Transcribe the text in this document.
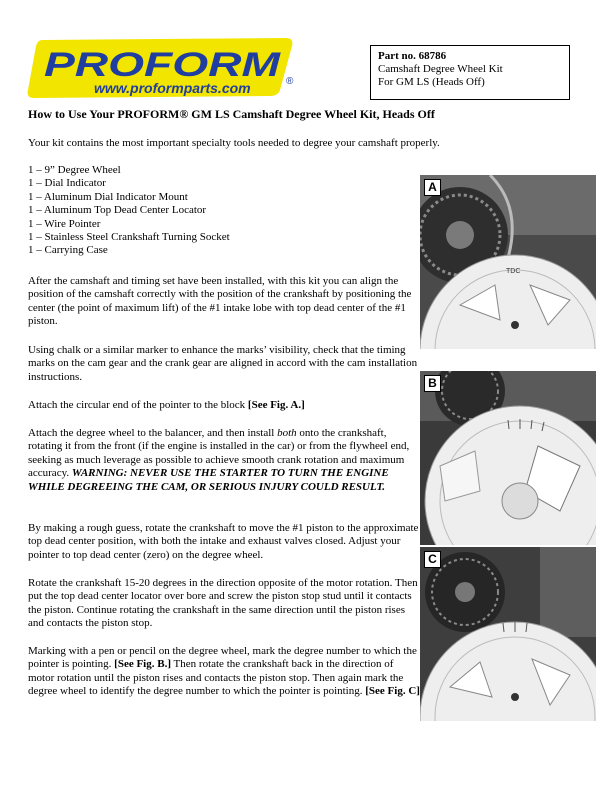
PROFORM
www.proformparts.com	®
Part no. 68786
Camshaft Degree Wheel Kit
For GM LS (Heads Off)
How to Use Your PROFORM® GM LS Camshaft Degree Wheel Kit, Heads Off
Your kit contains the most important specialty tools needed to degree your camshaft properly.
1 – 9” Degree Wheel
1 – Dial Indicator
1 – Aluminum Dial Indicator Mount
1 – Aluminum Top Dead Center Locator
1 – Wire Pointer
1 – Stainless Steel Crankshaft Turning Socket
1 – Carrying Case
After the camshaft and timing set have been installed, with this kit you can align the position of the camshaft correctly with the position of the crankshaft by positioning the center (the point of maximum lift) of the #1 intake lobe with top dead center of the #1 piston.
Using chalk or a similar marker to enhance the marks’ visibility, check that the timing marks on the cam gear and the crank gear are aligned in accord with the cam installation instructions.
Attach the circular end of the pointer to the block [See Fig. A.]
Attach the degree wheel to the balancer, and then install both onto the crankshaft, rotating it from the front (if the engine is installed in the car) or from the flywheel end, seeking as much leverage as possible to achieve smooth crank rotation and maximum accuracy. WARNING: NEVER USE THE STARTER TO TURN THE ENGINE WHILE DEGREEING THE CAM, OR SERIOUS INJURY COULD RESULT.
By making a rough guess, rotate the crankshaft to move the #1 piston to the approximate top dead center position, with both the intake and exhaust valves closed. Adjust your pointer to top dead center (zero) on the degree wheel.
Rotate the crankshaft 15-20 degrees in the direction opposite of the motor rotation. Then put the top dead center locator over bore and screw the piston stop stud until it contacts the piston. Continue rotating the crankshaft in the same direction until the piston rises and contacts the piston stop.
Marking with a pen or pencil on the degree wheel, mark the degree number to which the pointer is pointing. [See Fig. B.] Then rotate the crankshaft back in the direction of motor rotation until the piston rises and contacts the piston stop. Then again mark the degree wheel to identify the degree number to which the pointer is pointing. [See Fig. C]
TDC
A
B
C
